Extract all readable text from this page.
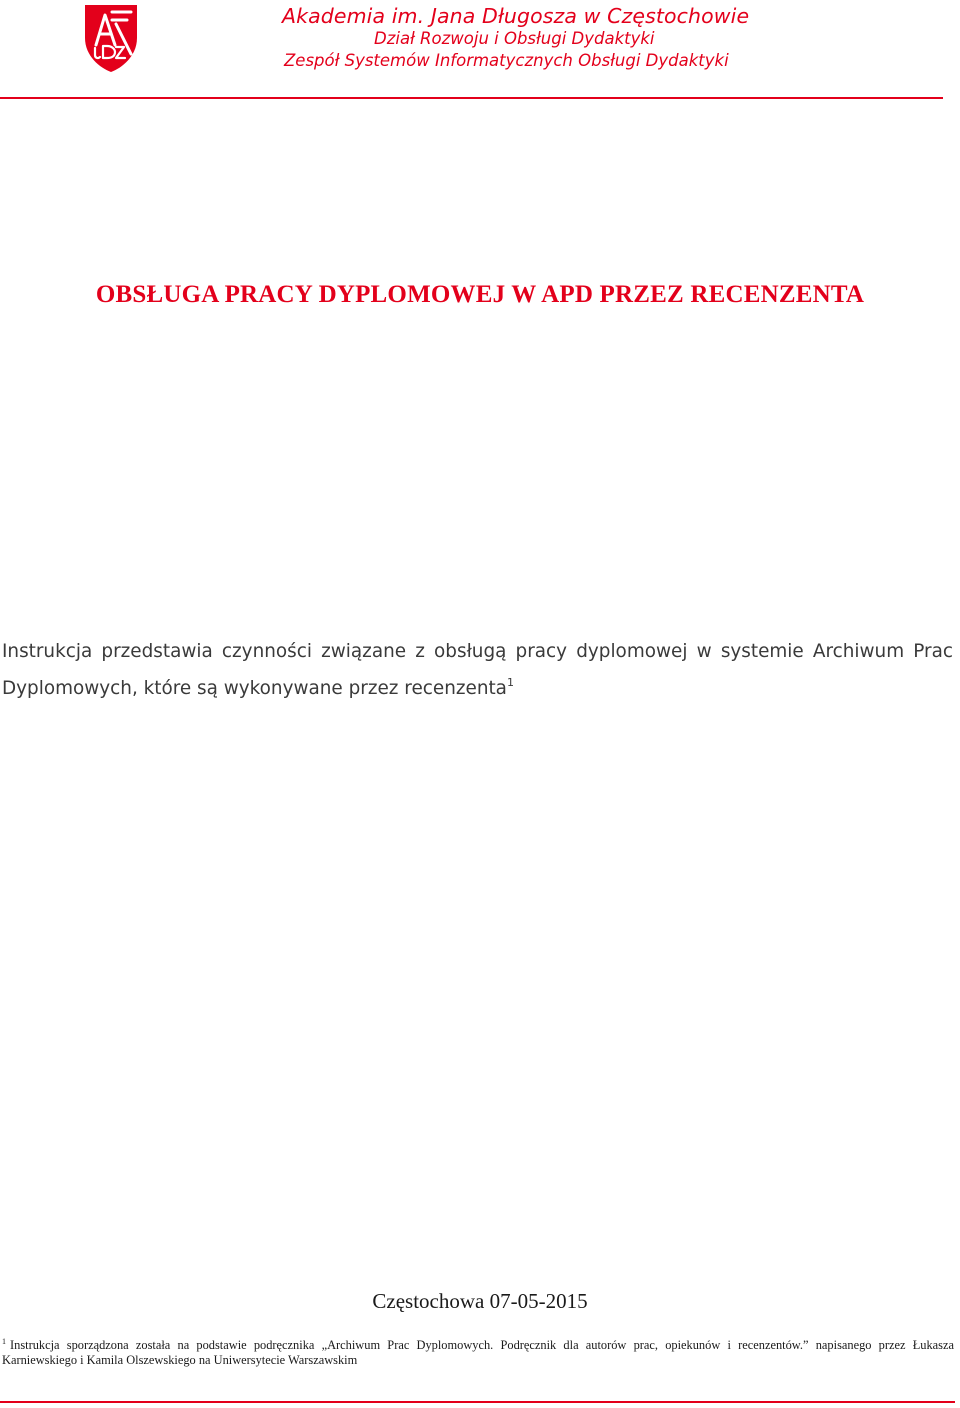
Akademia im. Jana Długosza w Częstochowie
Dział Rozwoju i Obsługi Dydaktyki
Zespół Systemów Informatycznych Obsługi Dydaktyki
OBSŁUGA PRACY DYPLOMOWEJ W APD PRZEZ RECENZENTA

Instrukcja przedstawia czynności związane z obsługą pracy dyplomowej w systemie Archiwum Prac Dyplomowych, które są wykonywane przez recenzenta$^1$

Częstochowa 07-05-2015

$^1$ Instrukcja sporządzona została na podstawie podręcznika „Archiwum Prac Dyplomowych. Podręcznik dla autorów prac, opiekunów i recenzentów.” napisanego przez Łukasza Karniewskiego i Kamila Olszewskiego na Uniwersytecie Warszawskim
